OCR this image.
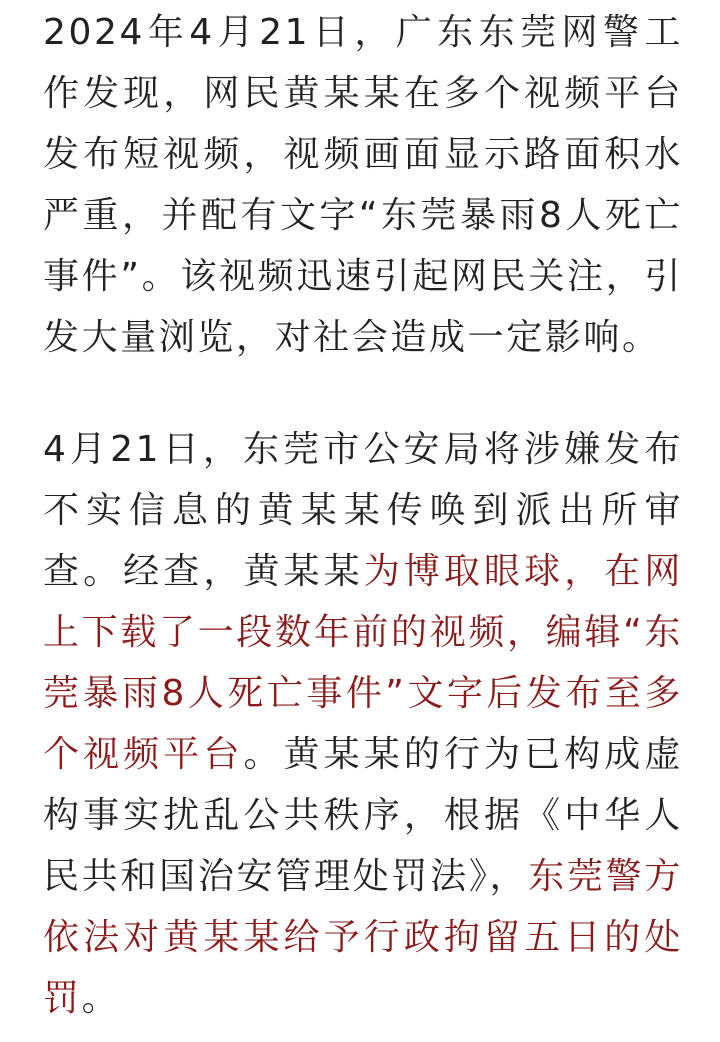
2024年4月21日，广东东莞网警工作发现，网民黄某某在多个视频平台发布短视频，视频画面显示路面积水严重，并配有文字“东莞暴雨8人死亡事件”。该视频迅速引起网民关注，引发大量浏览，对社会造成一定影响。

4月21日，东莞市公安局将涉嫌发布不实信息的黄某某传唤到派出所审查。经查，黄某某为博取眼球，在网上下载了一段数年前的视频，编辑“东莞暴雨8人死亡事件”文字后发布至多个视频平台。黄某某的行为已构成虚构事实扰乱公共秩序，根据《中华人民共和国治安管理处罚法》，东莞警方依法对黄某某给予行政拘留五日的处罚。
